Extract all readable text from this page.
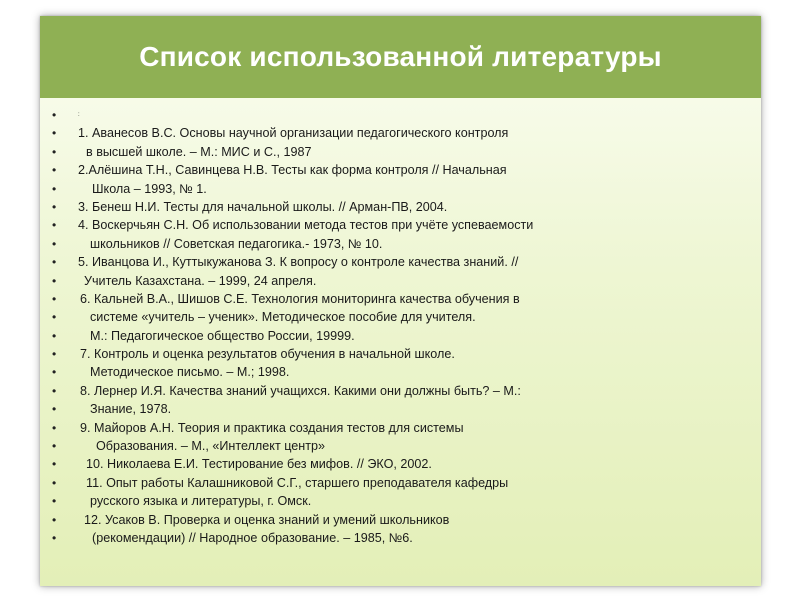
Список использованной литературы
•	:
• 1. Аванесов В.С. Основы научной организации педагогического контроля
• в высшей школе. – М.: МИС и С., 1987
• 2.Алёшина Т.Н., Савинцева Н.В. Тесты как форма контроля // Начальная
•	Школа – 1993, № 1.
• 3. Бенеш Н.И. Тесты для начальной школы. // Арман-ПВ, 2004.
• 4. Воскерчьян С.Н. Об использовании метода тестов при учёте успеваемости
•	школьников // Советская педагогика.- 1973, № 10.
• 5. Иванцова И., Куттыкужанова З. К вопросу о контроле качества знаний. //
• Учитель Казахстана. – 1999, 24 апреля.
• 6. Кальней В.А., Шишов С.Е. Технология мониторинга качества обучения в
•	системе «учитель – ученик». Методическое пособие для учителя.
•	М.: Педагогическое общество России, 19999.
• 7. Контроль и оценка результатов обучения в начальной школе.
•	Методическое письмо. – М.; 1998.
• 8. Лернер И.Я. Качества знаний учащихся. Какими они должны быть? – М.:
•	Знание, 1978.
• 9. Майоров А.Н. Теория и практика создания тестов для системы
•	Образования. – М., «Интеллект центр»
• 10. Николаева Е.И. Тестирование без мифов. // ЭКО, 2002.
• 11. Опыт работы Калашниковой С.Г., старшего преподавателя кафедры
•	русского языка и литературы, г. Омск.
• 12. Усаков В. Проверка и оценка знаний и умений школьников
•	(рекомендации) // Народное образование. – 1985, №6.
